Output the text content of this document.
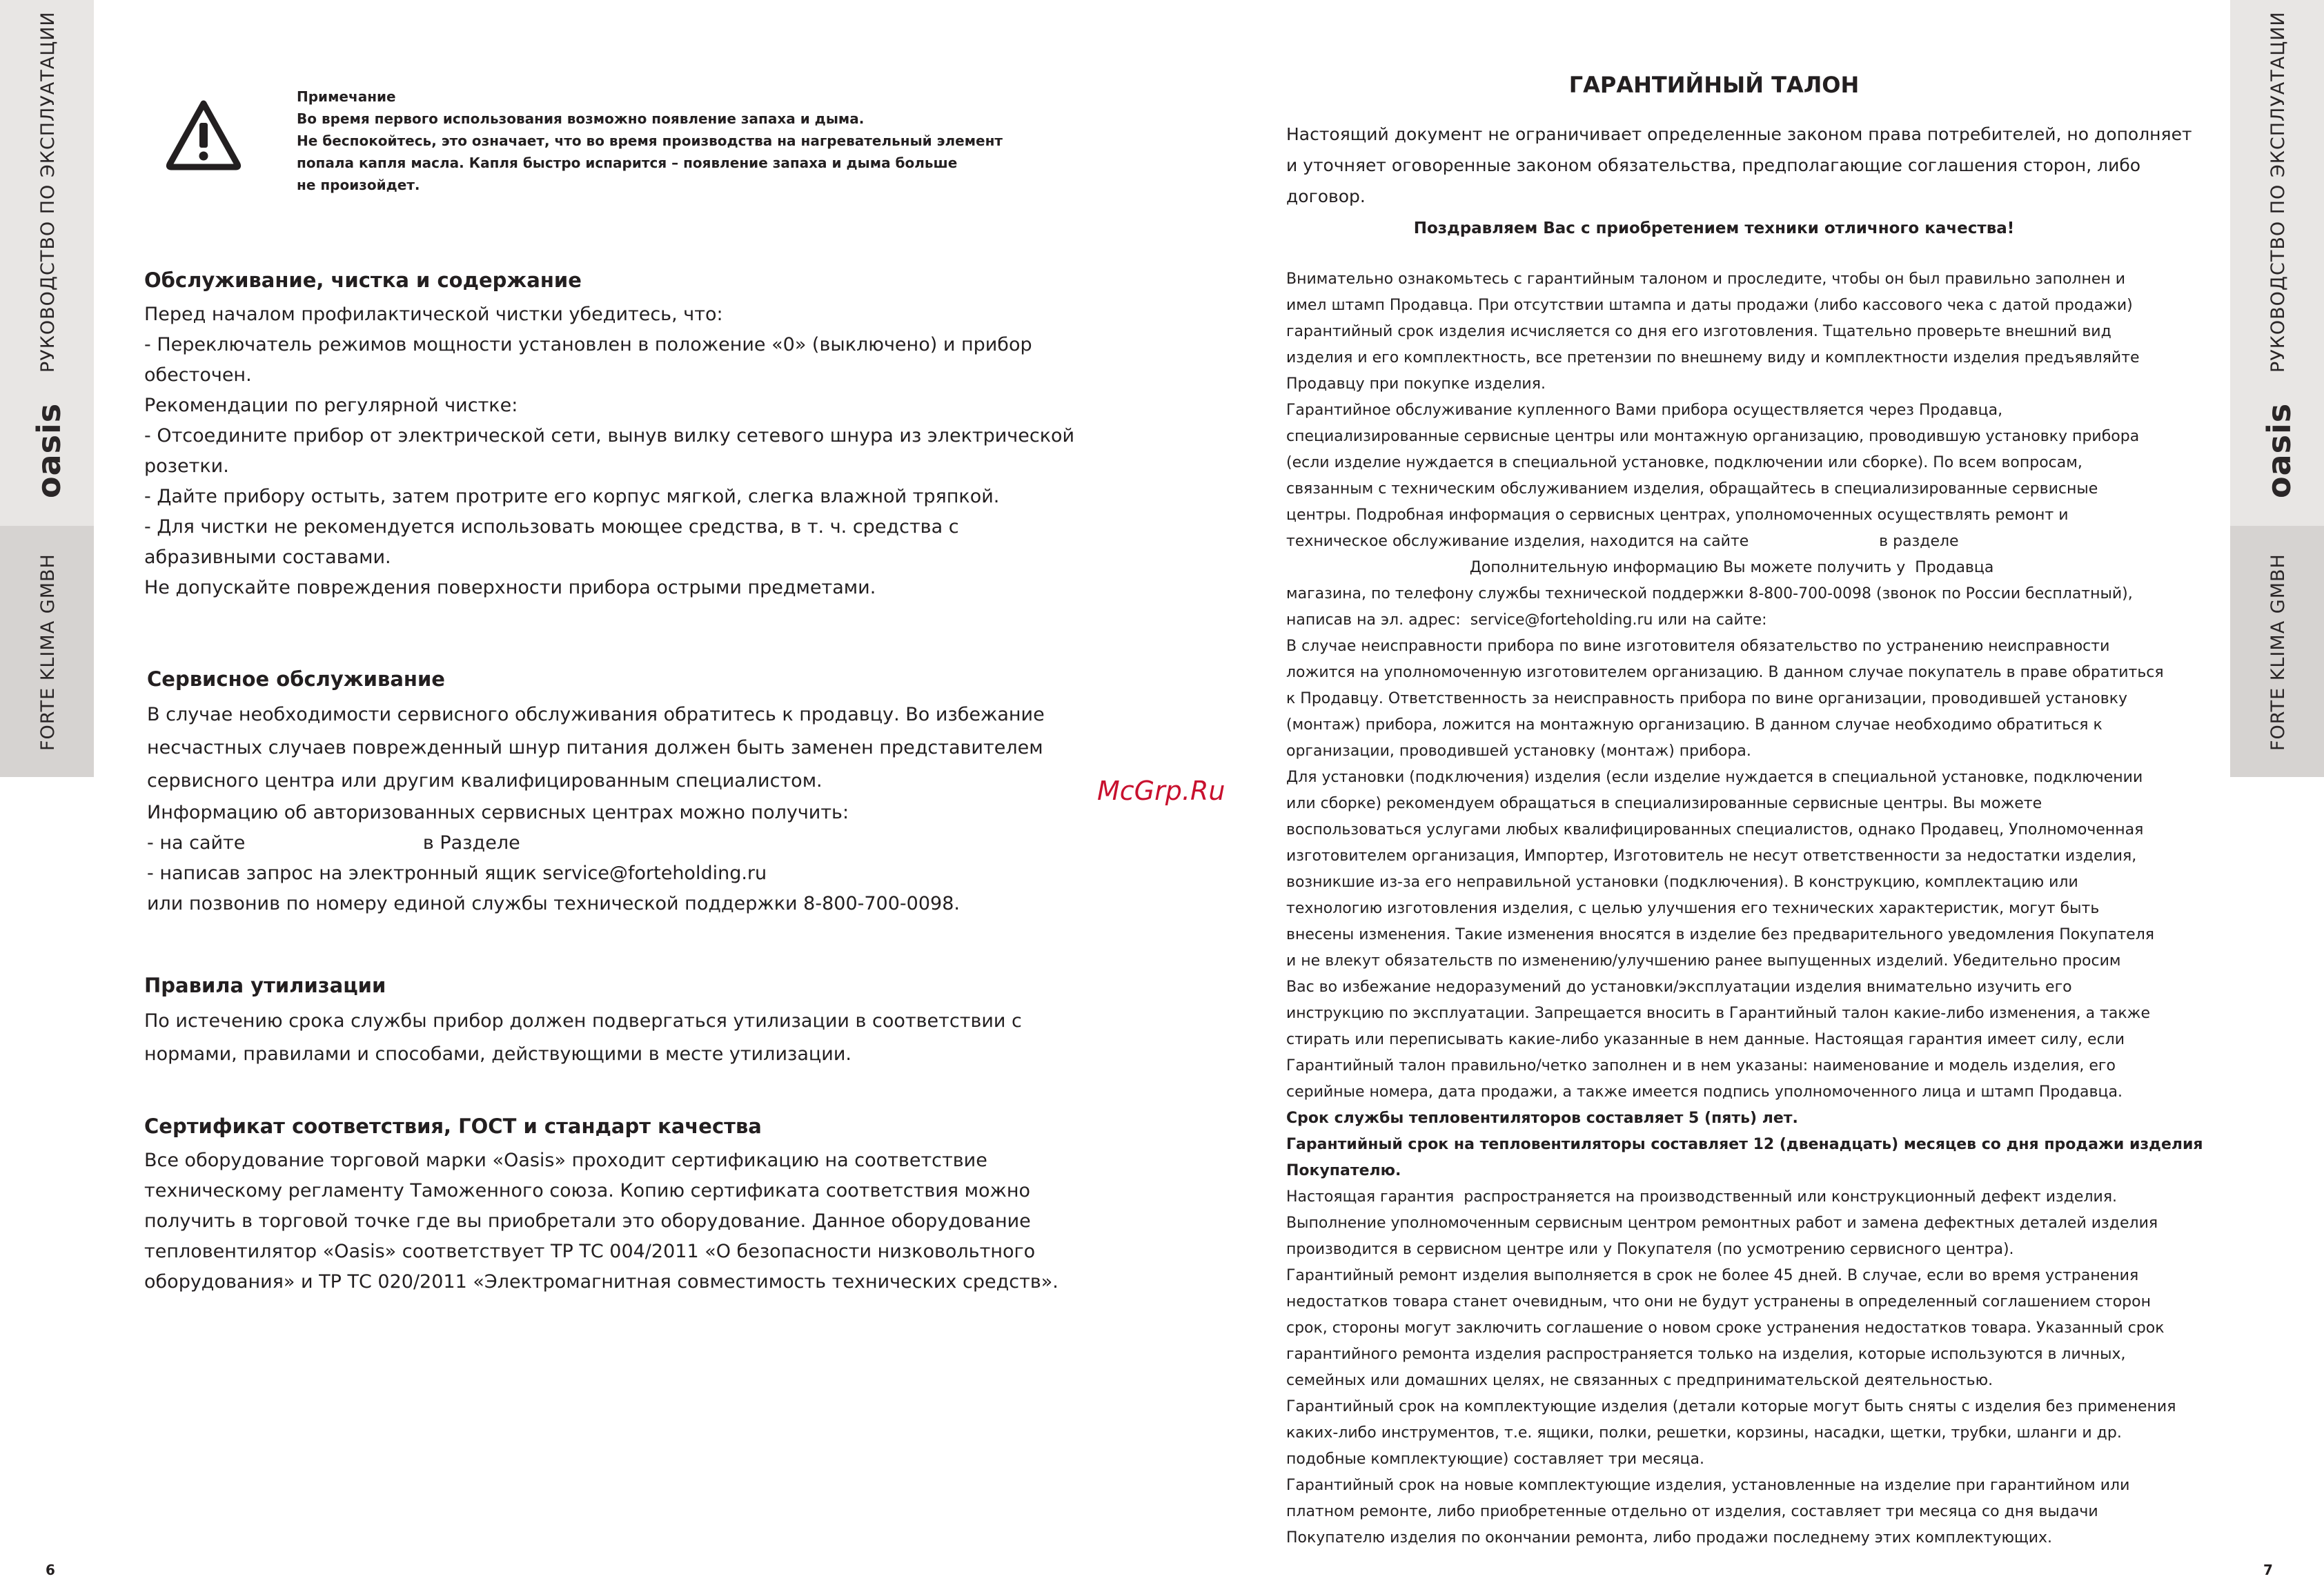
РУКОВОДСТВО ПО ЭКСПЛУАТАЦИИ
oasis
FORTE KLIMA GMBH
РУКОВОДСТВО ПО ЭКСПЛУАТАЦИИ
oasis
FORTE KLIMA GMBH
6
Примечание
Во время первого использования возможно появление запаха и дыма.
Не беспокойтесь, это означает, что во время производства на нагревательный элемент
попала капля масла. Капля быстро испарится – появление запаха и дыма больше
не произойдет.
Обслуживание, чистка и содержание
Перед началом профилактической чистки убедитесь, что:
- Переключатель режимов мощности установлен в положение «0» (выключено) и прибор
обесточен.
Рекомендации по регулярной чистке:
- Отсоедините прибор от электрической сети, вынув вилку сетевого шнура из электрической
розетки.
- Дайте прибору остыть, затем протрите его корпус мягкой, слегка влажной тряпкой.
- Для чистки не рекомендуется использовать моющее средства, в т. ч. средства с
абразивными составами.
Не допускайте повреждения поверхности прибора острыми предметами.
Сервисное обслуживание
В случае необходимости сервисного обслуживания обратитесь к продавцу. Во избежание
несчастных случаев поврежденный шнур питания должен быть заменен представителем
сервисного центра или другим квалифицированным специалистом.
Информацию об авторизованных сервисных центрах можно получить:
- на сайте                              в Разделе
- написав запрос на электронный ящик service@forteholding.ru
или позвонив по номеру единой службы технической поддержки 8-800-700-0098.
Правила утилизации
По истечению срока службы прибор должен подвергаться утилизации в соответствии с
нормами, правилами и способами, действующими в месте утилизации.
Сертификат соответствия, ГОСТ и стандарт качества
Все оборудование торговой марки «Oasis» проходит сертификацию на соответствие
техническому регламенту Таможенного союза. Копию сертификата соответствия можно
получить в торговой точке где вы приобретали это оборудование. Данное оборудование
тепловентилятор «Oasis» соответствует ТР ТС 004/2011 «О безопасности низковольтного
оборудования» и ТР ТС 020/2011 «Электромагнитная совместимость технических средств».
McGrp.Ru
ГАРАНТИЙНЫЙ ТАЛОН
Настоящий документ не ограничивает определенные законом права потребителей, но дополняет
и уточняет оговоренные законом обязательства, предполагающие соглашения сторон, либо
договор.
Поздравляем Вас с приобретением техники отличного качества!
Внимательно ознакомьтесь с гарантийным талоном и проследите, чтобы он был правильно заполнен и
имел штамп Продавца. При отсутствии штампа и даты продажи (либо кассового чека с датой продажи)
гарантийный срок изделия исчисляется со дня его изготовления. Тщательно проверьте внешний вид
изделия и его комплектность, все претензии по внешнему виду и комплектности изделия предъявляйте
Продавцу при покупке изделия.
Гарантийное обслуживание купленного Вами прибора осуществляется через Продавца,
специализированные сервисные центры или монтажную организацию, проводившую установку прибора
(если изделие нуждается в специальной установке, подключении или сборке). По всем вопросам,
связанным с техническим обслуживанием изделия, обращайтесь в специализированные сервисные
центры. Подробная информация о сервисных центрах, уполномоченных осуществлять ремонт и
техническое обслуживание изделия, находится на сайте                           в разделе
Дополнительную информацию Вы можете получить у  Продавца
магазина, по телефону службы технической поддержки 8-800-700-0098 (звонок по России бесплатный),
написав на эл. адрес:  service@forteholding.ru или на сайте:
В случае неисправности прибора по вине изготовителя обязательство по устранению неисправности
ложится на уполномоченную изготовителем организацию. В данном случае покупатель в праве обратиться
к Продавцу. Ответственность за неисправность прибора по вине организации, проводившей установку
(монтаж) прибора, ложится на монтажную организацию. В данном случае необходимо обратиться к
организации, проводившей установку (монтаж) прибора.
Для установки (подключения) изделия (если изделие нуждается в специальной установке, подключении
или сборке) рекомендуем обращаться в специализированные сервисные центры. Вы можете
воспользоваться услугами любых квалифицированных специалистов, однако Продавец, Уполномоченная
изготовителем организация, Импортер, Изготовитель не несут ответственности за недостатки изделия,
возникшие из-за его неправильной установки (подключения). В конструкцию, комплектацию или
технологию изготовления изделия, с целью улучшения его технических характеристик, могут быть
внесены изменения. Такие изменения вносятся в изделие без предварительного уведомления Покупателя
и не влекут обязательств по изменению/улучшению ранее выпущенных изделий. Убедительно просим
Вас во избежание недоразумений до установки/эксплуатации изделия внимательно изучить его
инструкцию по эксплуатации. Запрещается вносить в Гарантийный талон какие-либо изменения, а также
стирать или переписывать какие-либо указанные в нем данные. Настоящая гарантия имеет силу, если
Гарантийный талон правильно/четко заполнен и в нем указаны: наименование и модель изделия, его
серийные номера, дата продажи, а также имеется подпись уполномоченного лица и штамп Продавца.
Срок службы тепловентиляторов составляет 5 (пять) лет.
Гарантийный срок на тепловентиляторы составляет 12 (двенадцать) месяцев со дня продажи изделия
Покупателю.
Настоящая гарантия  распространяется на производственный или конструкционный дефект изделия.
Выполнение уполномоченным сервисным центром ремонтных работ и замена дефектных деталей изделия
производится в сервисном центре или у Покупателя (по усмотрению сервисного центра).
Гарантийный ремонт изделия выполняется в срок не более 45 дней. В случае, если во время устранения
недостатков товара станет очевидным, что они не будут устранены в определенный соглашением сторон
срок, стороны могут заключить соглашение о новом сроке устранения недостатков товара. Указанный срок
гарантийного ремонта изделия распространяется только на изделия, которые используются в личных,
семейных или домашних целях, не связанных с предпринимательской деятельностью.
Гарантийный срок на комплектующие изделия (детали которые могут быть сняты с изделия без применения
каких-либо инструментов, т.е. ящики, полки, решетки, корзины, насадки, щетки, трубки, шланги и др.
подобные комплектующие) составляет три месяца.
Гарантийный срок на новые комплектующие изделия, установленные на изделие при гарантийном или
платном ремонте, либо приобретенные отдельно от изделия, составляет три месяца со дня выдачи
Покупателю изделия по окончании ремонта, либо продажи последнему этих комплектующих.
7
